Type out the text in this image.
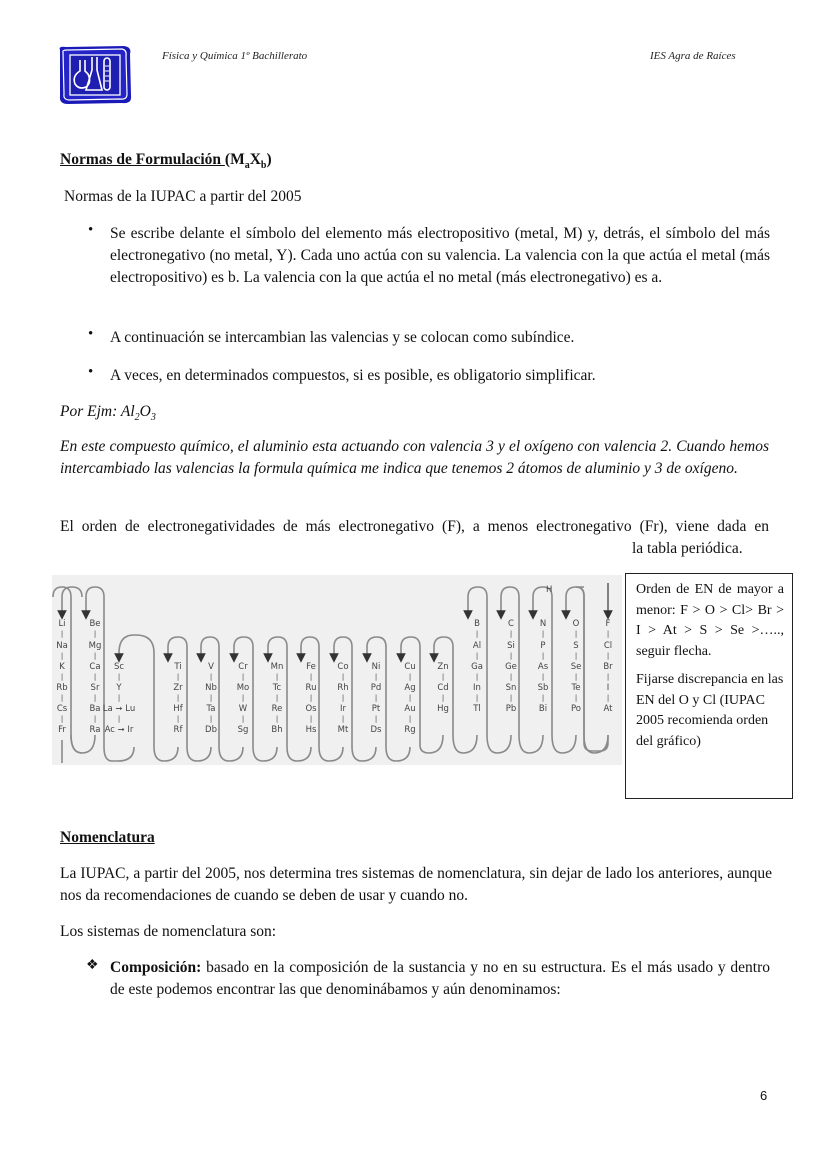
Física y Química 1º Bachillerato	IES Agra de Raíces
Normas de Formulación $(M_aX_b)$
Normas de la IUPAC a partir del 2005
• Se escribe delante el símbolo del elemento más electropositivo (metal, M) y, detrás, el símbolo del más electronegativo (no metal, Y). Cada uno actúa con su valencia. La valencia con la que actúa el metal (más electropositivo) es b. La valencia con la que actúa el no metal (más electronegativo) es a.
• A continuación se intercambian las valencias y se colocan como subíndice.
• A veces, en determinados compuestos, si es posible, es obligatorio simplificar.
Por Ejm: $Al_2O_3$
En este compuesto químico, el aluminio esta actuando con valencia 3 y el oxígeno con valencia 2. Cuando hemos intercambiado las valencias la formula química me indica que tenemos 2 átomos de aluminio y 3 de oxígeno.
El orden de electronegatividades de más electronegativo (F), a menos electronegativo (Fr), viene dada en
la tabla periódica.
H
Li
|
Na
|
K
|
Rb
|
Cs
|
Fr
Be
|
Mg
|
Ca
|
Sr
|
Ba
|
Ra
Sc
|
Y
|
La ➞ Lu
|
Ac ➞ Ir
Ti
|
Zr
|
Hf
|
Rf
V
|
Nb
|
Ta
|
Db
Cr
|
Mo
|
W
|
Sg
Mn
|
Tc
|
Re
|
Bh
Fe
|
Ru
|
Os
|
Hs
Co
|
Rh
|
Ir
|
Mt
Ni
|
Pd
|
Pt
|
Ds
Cu
|
Ag
|
Au
|
Rg
Zn
|
Cd
|
Hg
B
|
Al
|
Ga
|
In
|
Tl
C
|
Si
|
Ge
|
Sn
|
Pb
N
|
P
|
As
|
Sb
|
Bi
O
|
S
|
Se
|
Te
|
Po
F
|
Cl
|
Br
|
I
|
At

Orden de EN de mayor a menor: F > O > Cl> Br > I > At > S > Se >….., seguir flecha.

Fijarse discrepancia en las EN del O y Cl (IUPAC 2005 recomienda orden del gráfico)

Nomenclatura
La IUPAC, a partir del 2005, nos determina tres sistemas de nomenclatura, sin dejar de lado los anteriores, aunque nos da recomendaciones de cuando se deben de usar y cuando no.
Los sistemas de nomenclatura son:
❖ Composición: basado en la composición de la sustancia y no en su estructura. Es el más usado y dentro de este podemos encontrar las que denominábamos y aún denominamos:
6
